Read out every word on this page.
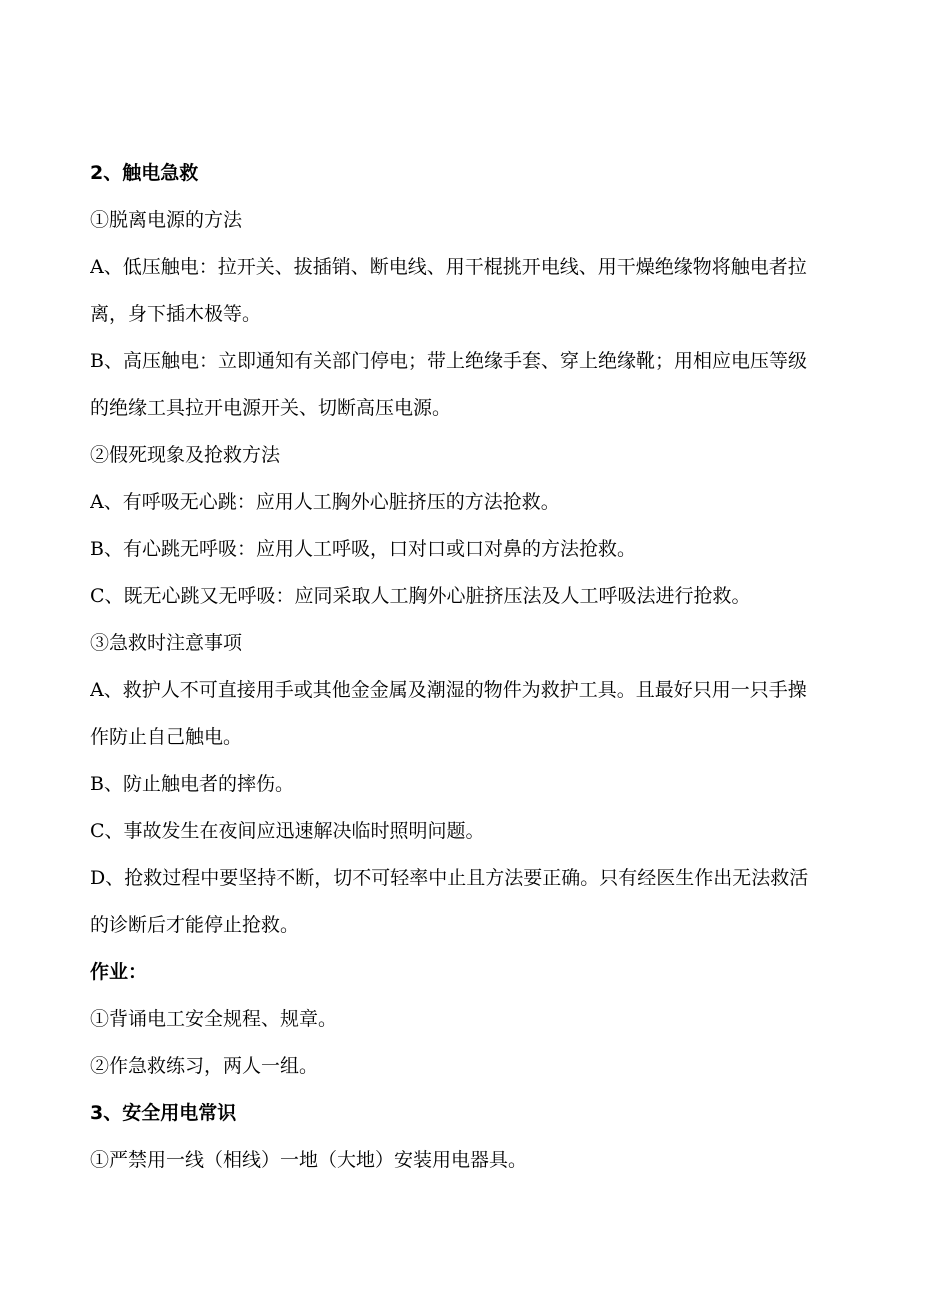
2、触电急救
①脱离电源的方法
A、低压触电：拉开关、拔插销、断电线、用干棍挑开电线、用干燥绝缘物将触电者拉
离，身下插木极等。
B、高压触电：立即通知有关部门停电；带上绝缘手套、穿上绝缘靴；用相应电压等级
的绝缘工具拉开电源开关、切断高压电源。
②假死现象及抢救方法
A、有呼吸无心跳：应用人工胸外心脏挤压的方法抢救。
B、有心跳无呼吸：应用人工呼吸，口对口或口对鼻的方法抢救。
C、既无心跳又无呼吸：应同采取人工胸外心脏挤压法及人工呼吸法进行抢救。
③急救时注意事项
A、救护人不可直接用手或其他金金属及潮湿的物件为救护工具。且最好只用一只手操
作防止自己触电。
B、防止触电者的摔伤。
C、事故发生在夜间应迅速解决临时照明问题。
D、抢救过程中要坚持不断，切不可轻率中止且方法要正确。只有经医生作出无法救活
的诊断后才能停止抢救。
作业：
①背诵电工安全规程、规章。
②作急救练习，两人一组。
3、安全用电常识
①严禁用一线（相线）一地（大地）安装用电器具。
